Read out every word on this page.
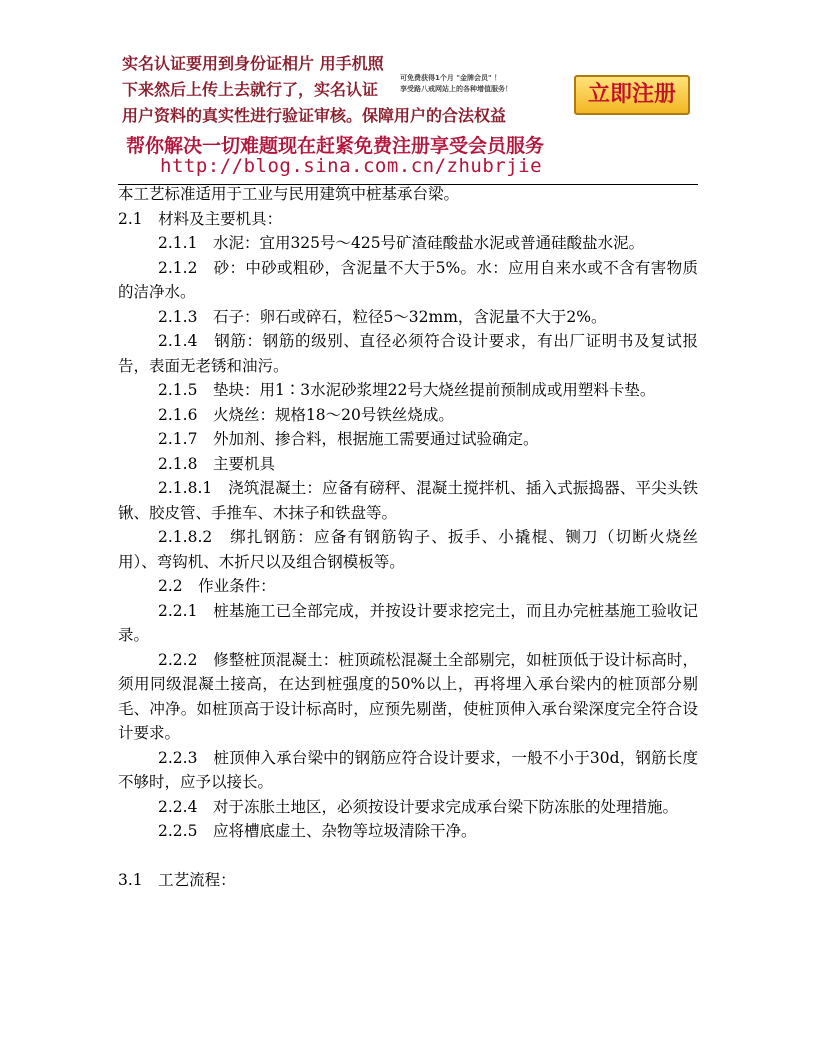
实名认证要用到身份证相片 用手机照
下来然后上传上去就行了，实名认证
可免费获得1个月 "金牌会员" ！
享受路八戒网站上的各种增值服务！
用户资料的真实性进行验证审核。保障用户的合法权益
立即注册
帮你解决一切难题现在赶紧免费注册享受会员服务
http://blog.sina.com.cn/zhubrjie

本工艺标准适用于工业与民用建筑中桩基承台梁。

2.1　材料及主要机具：

2.1.1　水泥：宜用325号～425号矿渣硅酸盐水泥或普通硅酸盐水泥。

2.1.2　砂：中砂或粗砂，含泥量不大于5%。水：应用自来水或不含有害物质的洁净水。

2.1.3　石子：卵石或碎石，粒径5～32mm，含泥量不大于2%。

2.1.4　钢筋：钢筋的级别、直径必须符合设计要求，有出厂证明书及复试报告，表面无老锈和油污。

2.1.5　垫块：用1∶3水泥砂浆埋22号大烧丝提前预制成或用塑料卡垫。

2.1.6　火烧丝：规格18～20号铁丝烧成。

2.1.7　外加剂、掺合料，根据施工需要通过试验确定。

2.1.8　主要机具

2.1.8.1　浇筑混凝土：应备有磅秤、混凝土搅拌机、插入式振捣器、平尖头铁锹、胶皮管、手推车、木抹子和铁盘等。

2.1.8.2　绑扎钢筋：应备有钢筋钩子、扳手、小撬棍、铡刀（切断火烧丝用）、弯钩机、木折尺以及组合钢模板等。

2.2　作业条件：

2.2.1　桩基施工已全部完成，并按设计要求挖完土，而且办完桩基施工验收记录。

2.2.2　修整桩顶混凝土：桩顶疏松混凝土全部剔完，如桩顶低于设计标高时，须用同级混凝土接高，在达到桩强度的50%以上，再将埋入承台梁内的桩顶部分剔毛、冲净。如桩顶高于设计标高时，应预先剔凿，使桩顶伸入承台梁深度完全符合设计要求。

2.2.3　桩顶伸入承台梁中的钢筋应符合设计要求，一般不小于30d，钢筋长度不够时，应予以接长。

2.2.4　对于冻胀土地区，必须按设计要求完成承台梁下防冻胀的处理措施。

2.2.5　应将槽底虚土、杂物等垃圾清除干净。

3.1　工艺流程：
